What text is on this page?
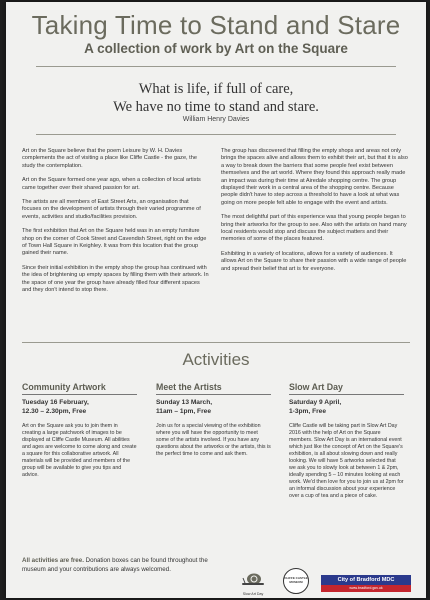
Taking Time to Stand and Stare
A collection of work by Art on the Square
What is life, if full of care,
We have no time to stand and stare.
William Henry Davies

Art on the Square believe that the poem Leisure by W. H. Davies complements the act of visiting a place like Cliffe Castle - the gaze, the study the contemplation.

Art on the Square formed one year ago, when a collection of local artists came together over their shared passion for art.

The artists are all members of East Street Arts, an organisation that focuses on the development of artists through their varied programme of events, activities and studio/facilities provision.

The first exhibition that Art on the Square held was in an empty furniture shop on the corner of Cook Street and Cavendish Street, right on the edge of Town Hall Square in Keighley. It was from this location that the group gained their name.

Since their initial exhibition in the empty shop the group has continued with the idea of brightening up empty spaces by filling them with their artwork. In the space of one year the group have already filled four different spaces and they don't intend to stop there.

The group has discovered that filling the empty shops and areas not only brings the spaces alive and allows them to exhibit their art, but that it is also a way to break down the barriers that some people feel exist between themselves and the art world. Where they found this approach really made an impact was during their time at Airedale shopping centre. The group displayed their work in a central area of the shopping centre. Because people didn't have to step across a threshold to have a look at what was going on more people felt able to engage with the event and artists.

The most delightful part of this experience was that young people began to bring their artworks for the group to see. Also with the artists on hand many local residents would stop and discuss the subject matters and their memories of some of the places featured.

Exhibiting in a variety of locations, allows for a variety of audiences. It allows Art on the Square to share their passion with a wide range of people and spread their belief that art is for everyone.

Activities
Community Artwork
Tuesday 16 February,
12.30 – 2.30pm, Free
Art on the Square ask you to join them in creating a large patchwork of images to be displayed at Cliffe Castle Museum. All abilities and ages are welcome to come along and create a square for this collaborative artwork. All materials will be provided and members of the group will be available to give you tips and advice.
Meet the Artists
Sunday 13 March,
11am – 1pm, Free
Join us for a special viewing of the exhibition where you will have the opportunity to meet some of the artists involved. If you have any questions about the artworks or the artists, this is the perfect time to come and ask them.
Slow Art Day
Saturday 9 April,
1-3pm, Free
Cliffe Castle will be taking part in Slow Art Day 2016 with the help of Art on the Square members. Slow Art Day is an international event which just like the concept of Art on the Square's exhibition, is all about slowing down and really looking. We will have 5 artworks selected that we ask you to slowly look at between 1 & 2pm, ideally spending 5 – 10 minutes looking at each work. We'd then love for you to join us at 2pm for an informal discussion about your experience over a cup of tea and a piece of cake.
All activities are free. Donation boxes can be found throughout the museum and your contributions are always welcomed.
Slow Art Day
CLIFFE CASTLE MUSEUM	City of Bradford MDC
www.bradford.gov.uk
